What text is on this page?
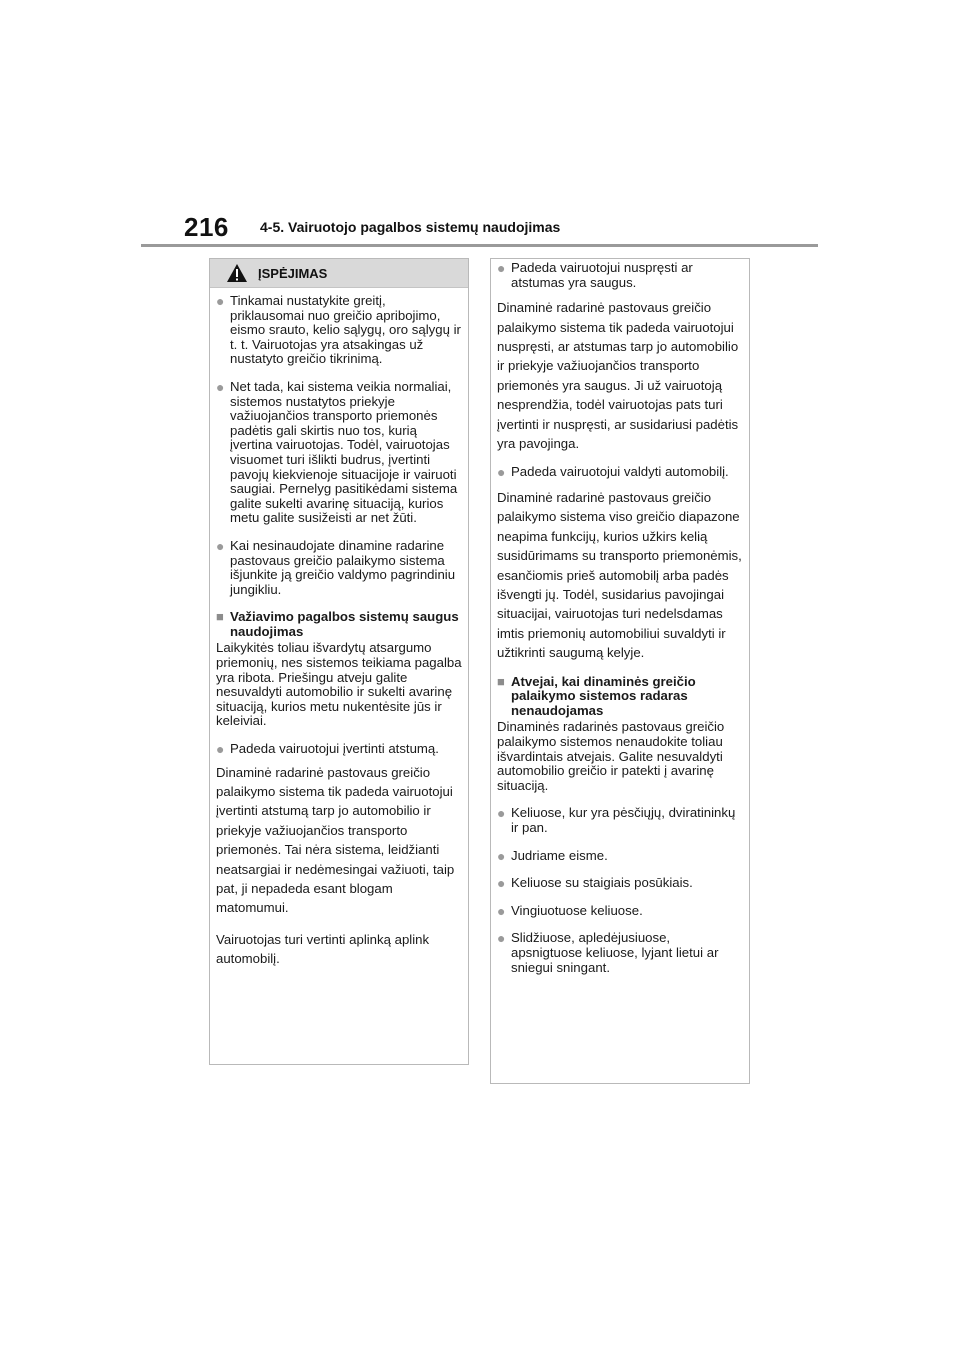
216 4-5. Vairuotojo pagalbos sistemų naudojimas
ĮSPĖJIMAS
● Tinkamai nustatykite greitį, priklausomai nuo greičio apribojimo, eismo srauto, kelio sąlygų, oro sąlygų ir t. t. Vairuotojas yra atsakingas už nustatyto greičio tikrinimą.
● Net tada, kai sistema veikia normaliai, sistemos nustatytos priekyje važiuojančios transporto priemonės padėtis gali skirtis nuo tos, kurią įvertina vairuotojas. Todėl, vairuotojas visuomet turi išlikti budrus, įvertinti pavojų kiekvienoje situacijoje ir vairuoti saugiai. Pernelyg pasitikėdami sistema galite sukelti avarinę situaciją, kurios metu galite susižeisti ar net žūti.
● Kai nesinaudojate dinamine radarine pastovaus greičio palaikymo sistema išjunkite ją greičio valdymo pagrindiniu jungikliu.
■ Važiavimo pagalbos sistemų saugus naudojimas

Laikykitės toliau išvardytų atsargumo priemonių, nes sistemos teikiama pagalba yra ribota. Priešingu atveju galite nesuvaldyti automobilio ir sukelti avarinę situaciją, kurios metu nukentėsite jūs ir keleiviai.

● Padeda vairuotojui įvertinti atstumą.

Dinaminė radarinė pastovaus greičio palaikymo sistema tik padeda vairuotojui įvertinti atstumą tarp jo automobilio ir priekyje važiuojančios transporto priemonės. Tai nėra sistema, leidžianti neatsargiai ir nedėmesingai važiuoti, taip pat, ji nepadeda esant blogam matomumui.

Vairuotojas turi vertinti aplinką aplink automobilį.

● Padeda vairuotojui nuspręsti ar atstumas yra saugus.

Dinaminė radarinė pastovaus greičio palaikymo sistema tik padeda vairuotojui nuspręsti, ar atstumas tarp jo automobilio ir priekyje važiuojančios transporto priemonės yra saugus. Ji už vairuotoją nesprendžia, todėl vairuotojas pats turi įvertinti ir nuspręsti, ar susidariusi padėtis yra pavojinga.

● Padeda vairuotojui valdyti automobilį.

Dinaminė radarinė pastovaus greičio palaikymo sistema viso greičio diapazone neapima funkcijų, kurios užkirs kelią susidūrimams su transporto priemonėmis, esančiomis prieš automobilį arba padės išvengti jų. Todėl, susidarius pavojingai situacijai, vairuotojas turi nedelsdamas imtis priemonių automobiliui suvaldyti ir užtikrinti saugumą kelyje.

■ Atvejai, kai dinaminės greičio palaikymo sistemos radaras nenaudojamas

Dinaminės radarinės pastovaus greičio palaikymo sistemos nenaudokite toliau išvardintais atvejais. Galite nesuvaldyti automobilio greičio ir patekti į avarinę situaciją.

● Keliuose, kur yra pėsčiųjų, dviratininkų ir pan.
● Judriame eisme.
● Keliuose su staigiais posūkiais.
● Vingiuotuose keliuose.
● Slidžiuose, apledėjusiuose, apsnigtuose keliuose, lyjant lietui ar sniegui sningant.
